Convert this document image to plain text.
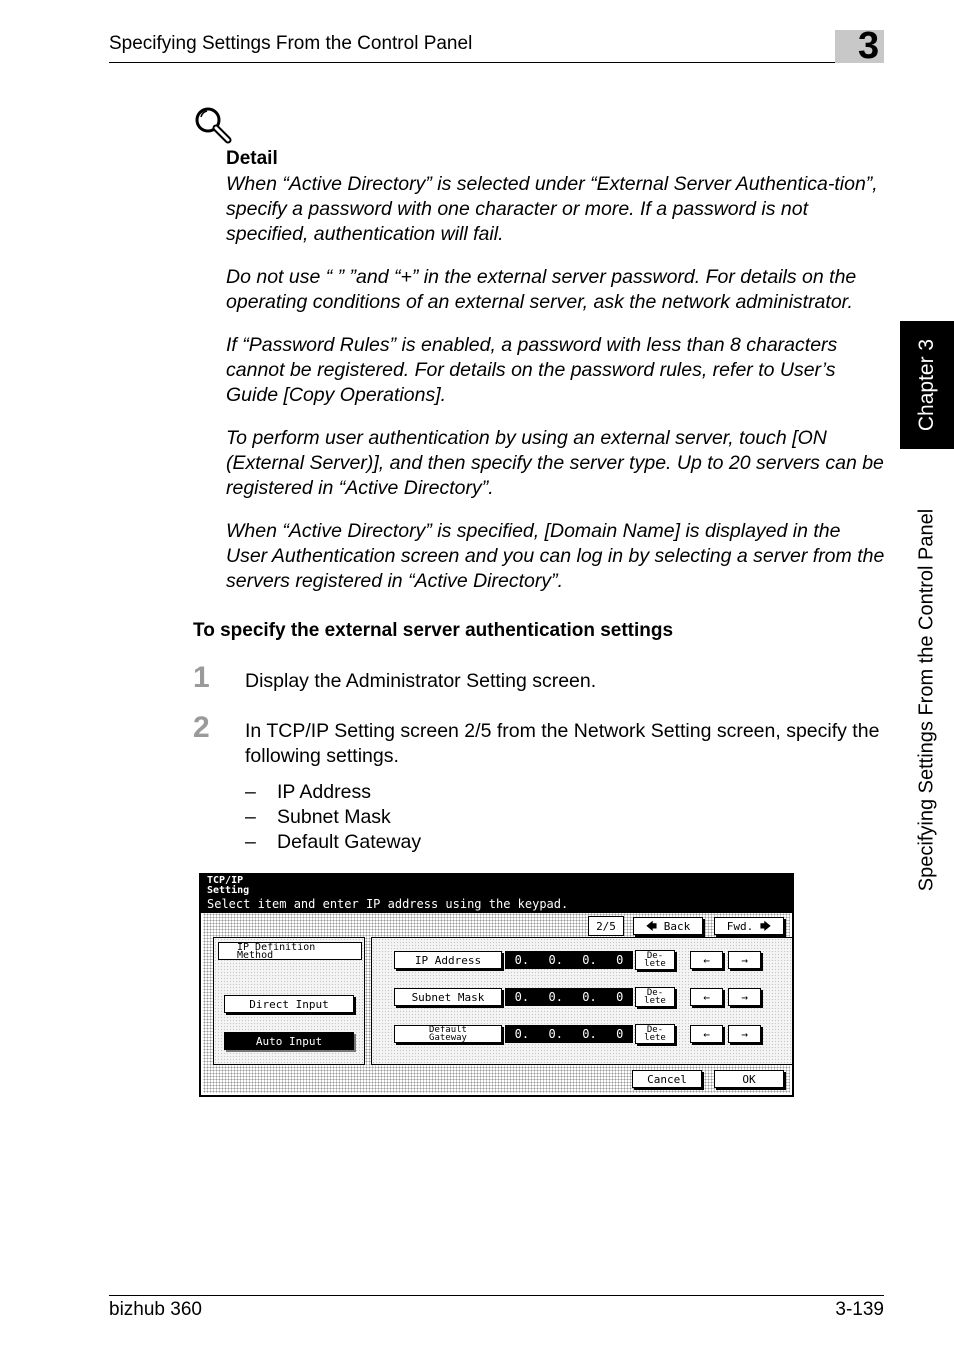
Specifying Settings From the Control Panel	3
Chapter 3
Specifying Settings From the Control Panel
Detail

When “Active Directory” is selected under “External Server Authentica-tion”, specify a password with one character or more. If a password is not specified, authentication will fail.

Do not use “ ” ”and “+” in the external server password. For details on the operating conditions of an external server, ask the network administrator.

If “Password Rules” is enabled, a password with less than 8 characters cannot be registered. For details on the password rules, refer to User’s Guide [Copy Operations].

To perform user authentication by using an external server, touch [ON (External Server)], and then specify the server type. Up to 20 servers can be registered in “Active Directory”.

When “Active Directory” is specified, [Domain Name] is displayed in the User Authentication screen and you can log in by selecting a server from the servers registered in “Active Directory”.

To specify the external server authentication settings
1 Display the Administrator Setting screen.
2 In TCP/IP Setting screen 2/5 from the Network Setting screen, specify the following settings.
– IP Address
– Subnet Mask
– Default Gateway
TCP/IP
Setting
Select item and enter IP address using the keypad.
2/5	🡄 Back	Fwd. 🡆
IP Definition
Method
Direct Input
Auto Input
IP Address	0. 0. 0. 0	De-
lete	←	→
Subnet Mask	0. 0. 0. 0	De-
lete	←	→
Default
Gateway	0. 0. 0. 0	De-
lete	←	→
Cancel	OK
bizhub 360	3-139
